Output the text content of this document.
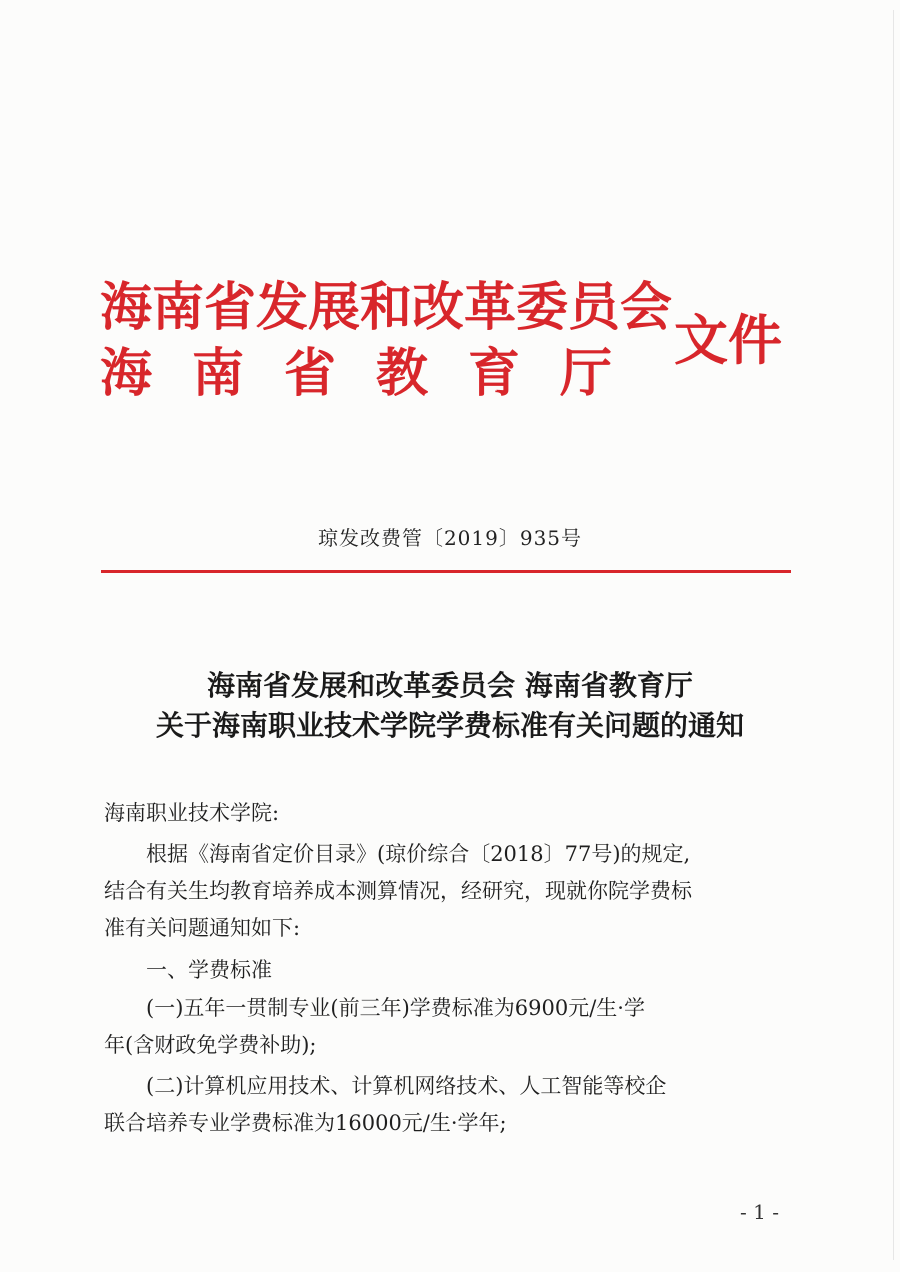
海南省发展和改革委员会
海南省教育厅
文件
琼发改费管〔2019〕935号
海南省发展和改革委员会 海南省教育厅
关于海南职业技术学院学费标准有关问题的通知
海南职业技术学院:
根据《海南省定价目录》(琼价综合〔2018〕77号)的规定,
结合有关生均教育培养成本测算情况，经研究，现就你院学费标
准有关问题通知如下:
一、学费标准
(一)五年一贯制专业(前三年)学费标准为6900元/生·学
年(含财政免学费补助);
(二)计算机应用技术、计算机网络技术、人工智能等校企
联合培养专业学费标准为16000元/生·学年;
- 1 -
